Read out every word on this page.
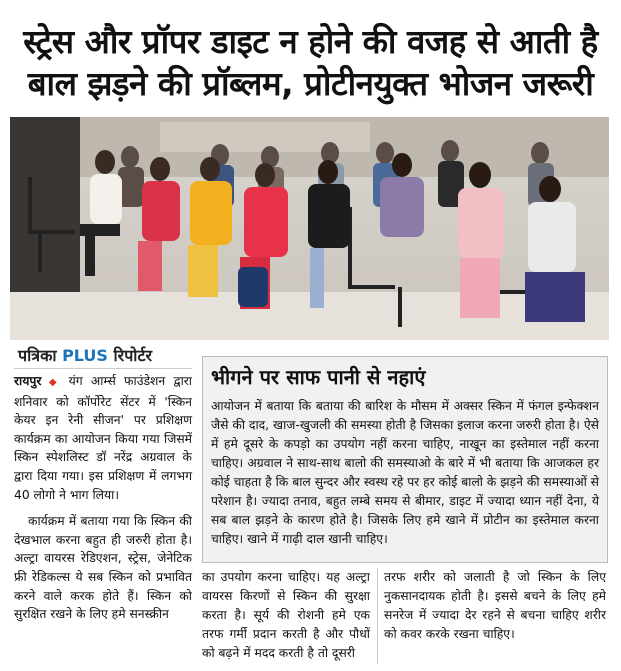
स्ट्रेस और प्रॉपर डाइट न होने की वजह से आती है
बाल झड़ने की प्रॉब्लम, प्रोटीनयुक्त भोजन जरूरी
पत्रिका PLUS रिपोर्टर

रायपुर ◆ यंग आर्म्स फाउंडेशन द्वारा शनिवार को कॉर्पोरेट सेंटर में 'स्किन केयर इन रेनी सीजन' पर प्रशिक्षण कार्यक्रम का आयोजन किया गया जिसमें स्किन स्पेशलिस्ट डॉ नरेंद्र अग्रवाल के द्वारा दिया गया। इस प्रशिक्षण में लगभग 40 लोगो ने भाग लिया।

कार्यक्रम में बताया गया कि स्किन की देखभाल करना बहुत ही जरुरी होता है। अल्ट्रा वायरस रेडिएशन, स्ट्रेस, जेनेटिक फ्री रेडिकल्स ये सब स्किन को प्रभावित करने वाले करक होते हैं। स्किन को सुरक्षित रखने के लिए हमे सनस्क्रीन

भीगने पर साफ पानी से नहाएं
आयोजन में बताया कि बताया की बारिश के मौसम में अक्सर स्किन में फंगल इन्फेक्शन जैसे की दाद, खाज-खुजली की समस्या होती है जिसका इलाज करना जरुरी होता है। ऐसे में हमे दूसरे के कपड़ो का उपयोग नहीं करना चाहिए, नाखून का इस्तेमाल नहीं करना चाहिए। अग्रवाल ने साथ-साथ बालो की समस्याओ के बारे में भी बताया कि आजकल हर कोई चाहता है कि बाल सुन्दर और स्वस्थ रहे पर हर कोई बालो के झड़ने की समस्याओं से परेशान है। ज्यादा तनाव, बहुत लम्बे समय से बीमार, डाइट में ज्यादा ध्यान नहीं देना, ये सब बाल झड़ने के कारण होते है। जिसके लिए हमे खाने में प्रोटीन का इस्तेमाल करना चाहिए। खाने में गाढ़ी दाल खानी चाहिए।
का उपयोग करना चाहिए। यह अल्ट्रा वायरस किरणों से स्किन की सुरक्षा करता है। सूर्य की रोशनी हमे एक तरफ गर्मी प्रदान करती है और पौधों को बढ़ने में मदद करती है तो दूसरी
तरफ शरीर को जलाती है जो स्किन के लिए नुकसानदायक होती है। इससे बचने के लिए हमे सनरेज में ज्यादा देर रहने से बचना चाहिए शरीर को कवर करके रखना चाहिए।
